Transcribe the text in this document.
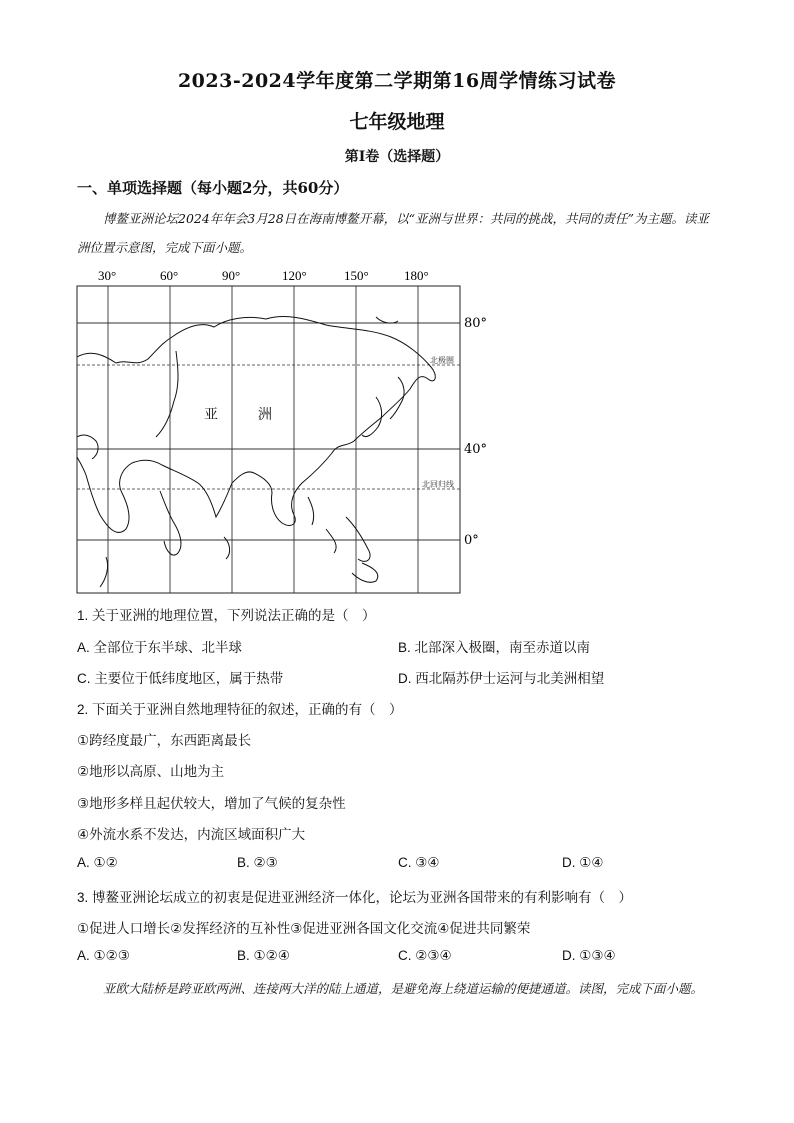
2023-2024学年度第二学期第16周学情练习试卷
七年级地理
第I卷（选择题）
一、单项选择题（每小题2分，共60分）
博鳌亚洲论坛2024年年会3月28日在海南博鳌开幕，以“亚洲与世界：共同的挑战，共同的责任”为主题。读亚洲位置示意图，完成下面小题。
30°	60°	90°	120°	150°	180°
北极圈
北回归线
亚	洲
80°
40°
0°
1. 关于亚洲的地理位置，下列说法正确的是（　）
A. 全部位于东半球、北半球	B. 北部深入极圈，南至赤道以南
C. 主要位于低纬度地区，属于热带	D. 西北隔苏伊士运河与北美洲相望
2. 下面关于亚洲自然地理特征的叙述，正确的有（　）
①跨经度最广，东西距离最长
②地形以高原、山地为主
③地形多样且起伏较大，增加了气候的复杂性
④外流水系不发达，内流区域面积广大
A. ①②	B. ②③	C. ③④	D. ①④
3. 博鳌亚洲论坛成立的初衷是促进亚洲经济一体化，论坛为亚洲各国带来的有利影响有（　）
①促进人口增长②发挥经济的互补性③促进亚洲各国文化交流④促进共同繁荣
A. ①②③	B. ①②④	C. ②③④	D. ①③④
亚欧大陆桥是跨亚欧两洲、连接两大洋的陆上通道，是避免海上绕道运输的便捷通道。读图，完成下面小题。
